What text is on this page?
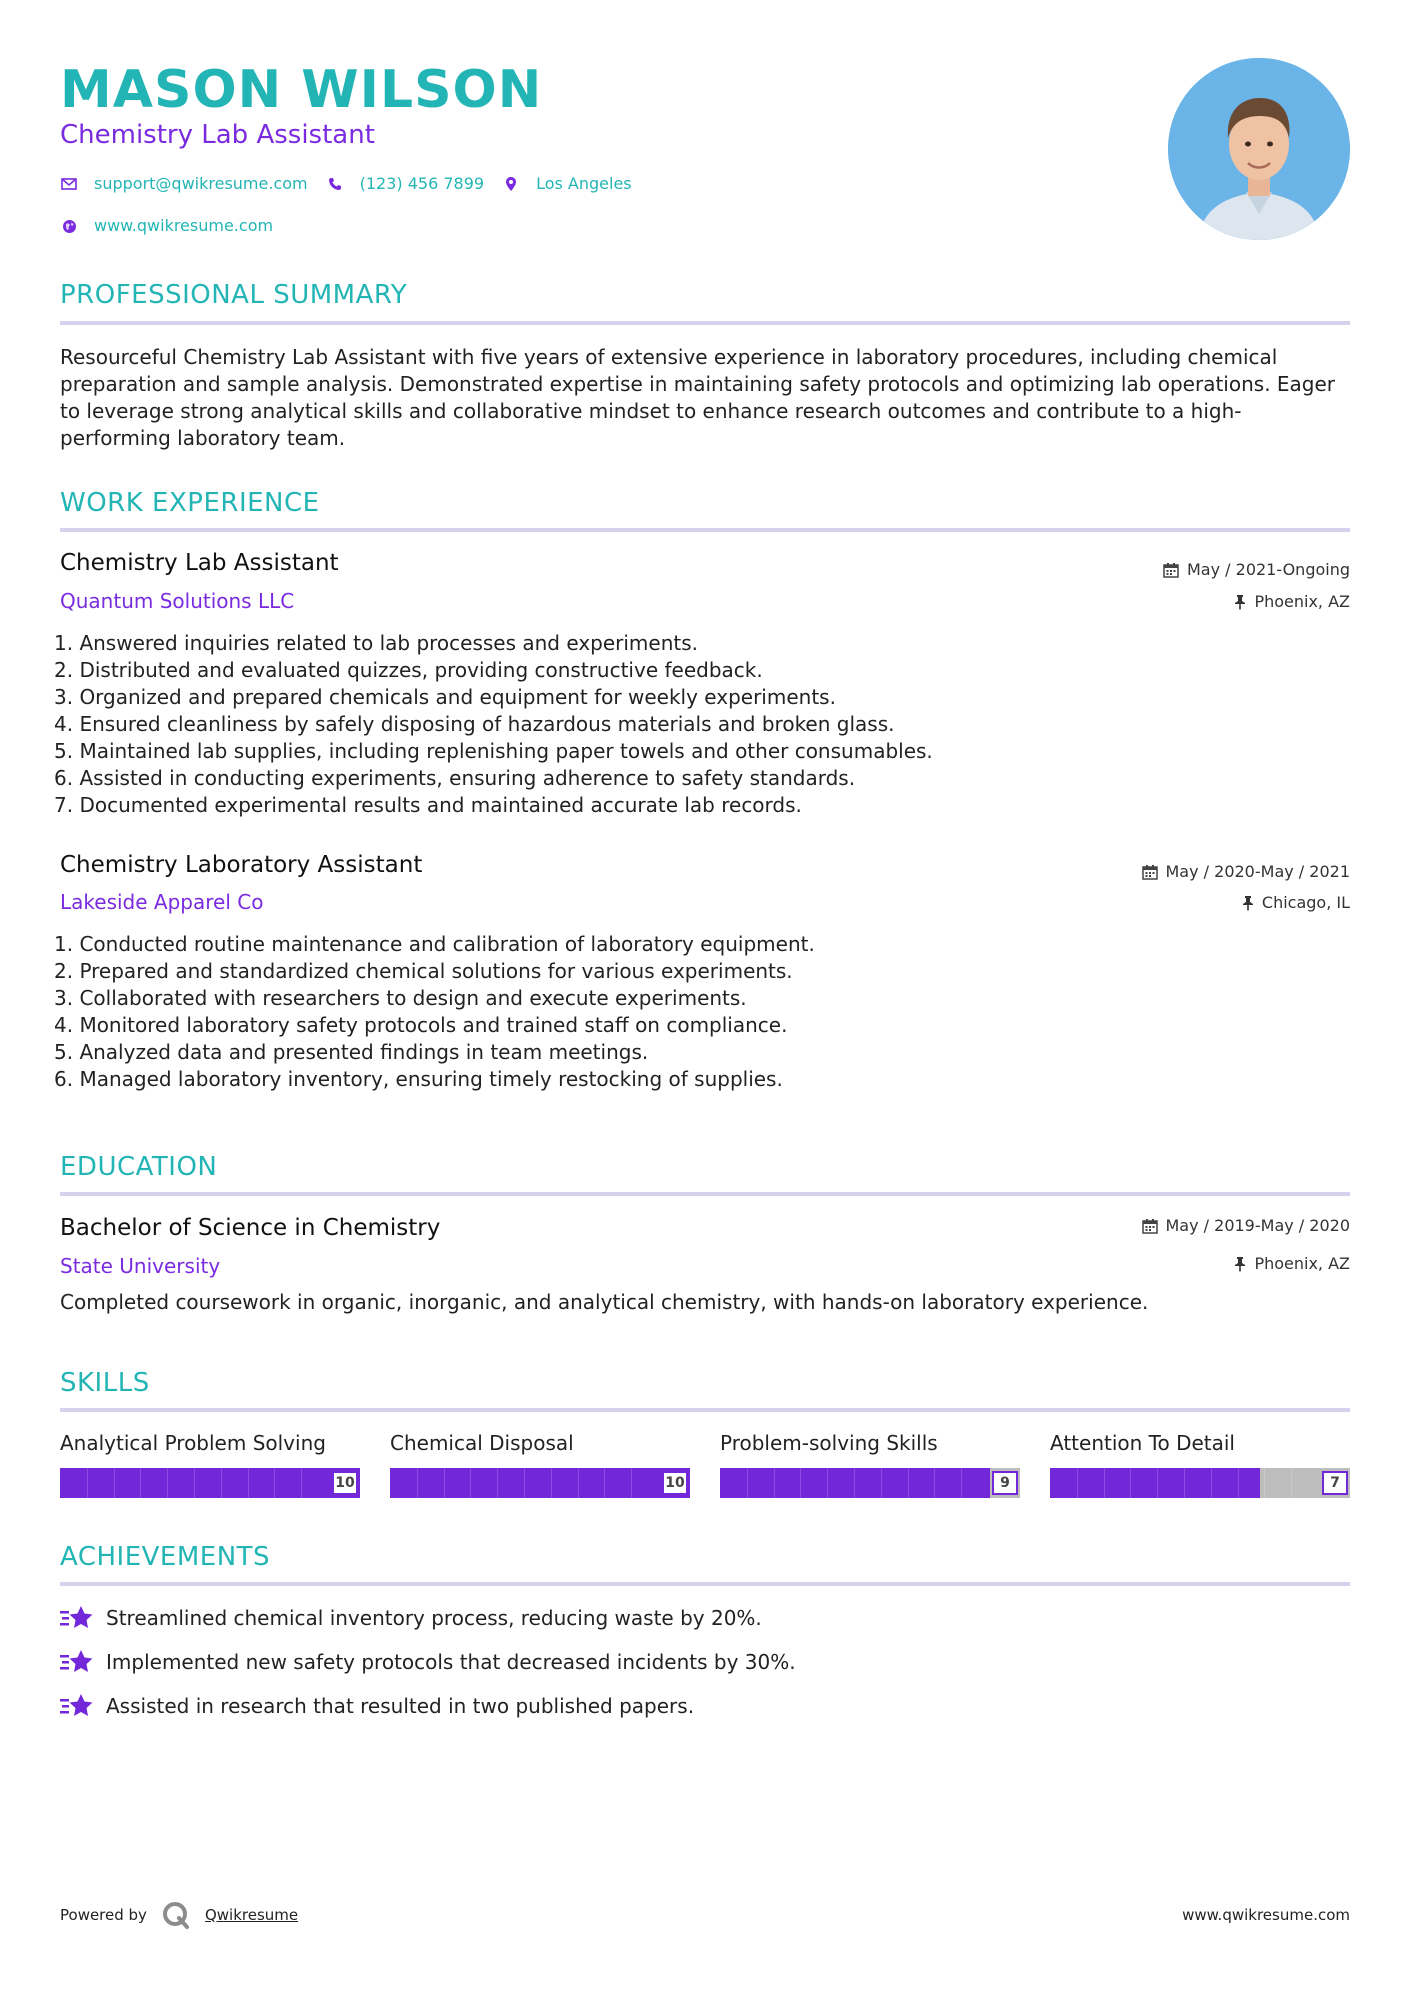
MASON WILSON
Chemistry Lab Assistant
support@qwikresume.com	(123) 456 7899	Los Angeles
www.qwikresume.com
PROFESSIONAL SUMMARY
Resourceful Chemistry Lab Assistant with five years of extensive experience in laboratory procedures, including chemical preparation and sample analysis. Demonstrated expertise in maintaining safety protocols and optimizing lab operations. Eager to leverage strong analytical skills and collaborative mindset to enhance research outcomes and contribute to a high-performing laboratory team.
WORK EXPERIENCE
Chemistry Lab Assistant
Quantum Solutions LLC
May / 2021-Ongoing
Phoenix, AZ
1. Answered inquiries related to lab processes and experiments.
2. Distributed and evaluated quizzes, providing constructive feedback.
3. Organized and prepared chemicals and equipment for weekly experiments.
4. Ensured cleanliness by safely disposing of hazardous materials and broken glass.
5. Maintained lab supplies, including replenishing paper towels and other consumables.
6. Assisted in conducting experiments, ensuring adherence to safety standards.
7. Documented experimental results and maintained accurate lab records.
Chemistry Laboratory Assistant
Lakeside Apparel Co
May / 2020-May / 2021
Chicago, IL
1. Conducted routine maintenance and calibration of laboratory equipment.
2. Prepared and standardized chemical solutions for various experiments.
3. Collaborated with researchers to design and execute experiments.
4. Monitored laboratory safety protocols and trained staff on compliance.
5. Analyzed data and presented findings in team meetings.
6. Managed laboratory inventory, ensuring timely restocking of supplies.
EDUCATION
Bachelor of Science in Chemistry
State University
May / 2019-May / 2020
Phoenix, AZ
Completed coursework in organic, inorganic, and analytical chemistry, with hands-on laboratory experience.
SKILLS
Analytical Problem Solving
10
Chemical Disposal
10
Problem-solving Skills
9
Attention To Detail
7
ACHIEVEMENTS
Streamlined chemical inventory process, reducing waste by 20%.
Implemented new safety protocols that decreased incidents by 30%.
Assisted in research that resulted in two published papers.
Powered by	Qwikresume	www.qwikresume.com
